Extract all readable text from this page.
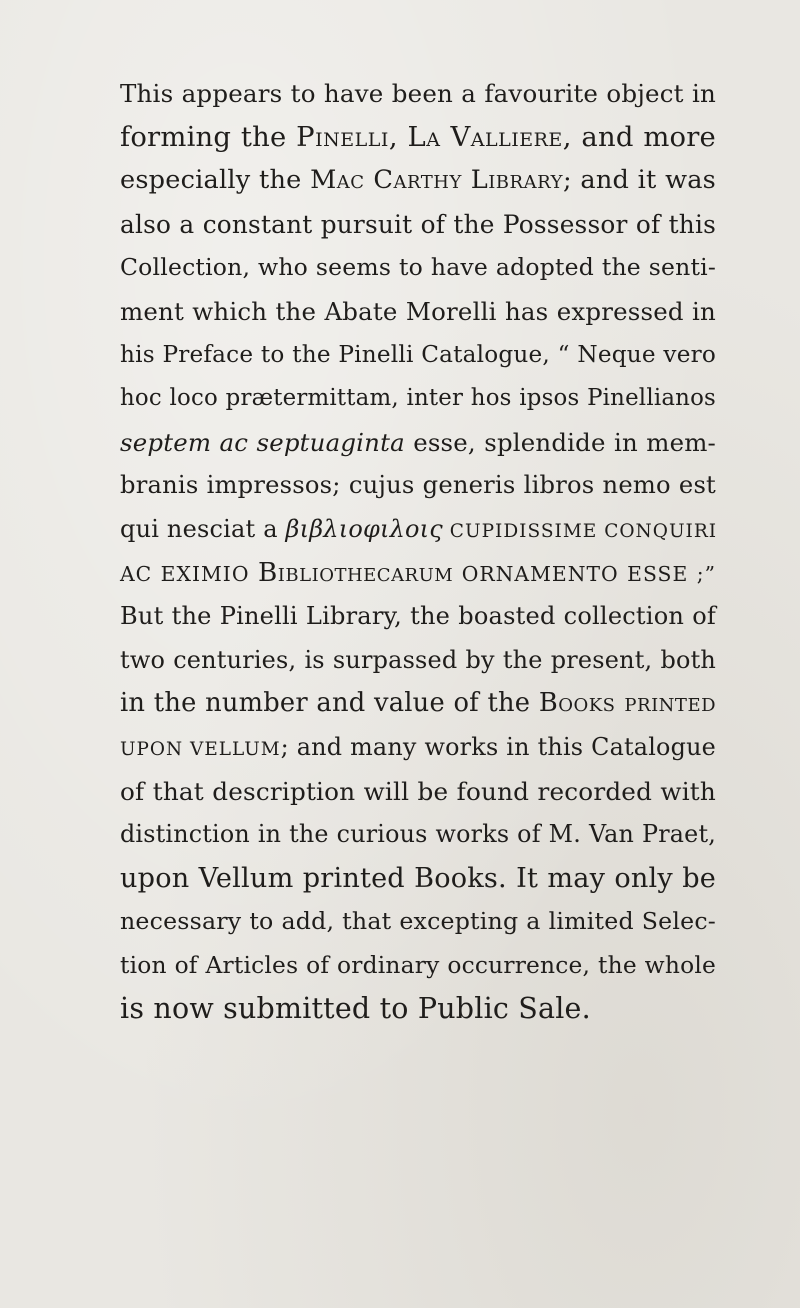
This appears to have been a favourite object in
forming the Pinelli, La Valliere, and more
especially the Mac Carthy Library; and it was
also a constant pursuit of the Possessor of this
Collection, who seems to have adopted the senti-
ment which the Abate Morelli has expressed in
his Preface to the Pinelli Catalogue, “ Neque vero
hoc loco prætermittam, inter hos ipsos Pinellianos
septem ac septuaginta esse, splendide in mem-
branis impressos; cujus generis libros nemo est
qui nesciat a βιβλιοφιλοις CUPIDISSIME CONQUIRI
AC EXIMIO Bibliothecarum ORNAMENTO ESSE ;”
But the Pinelli Library, the boasted collection of
two centuries, is surpassed by the present, both
in the number and value of the Books printed
UPON VELLUM; and many works in this Catalogue
of that description will be found recorded with
distinction in the curious works of M. Van Praet,
upon Vellum printed Books. It may only be
necessary to add, that excepting a limited Selec-
tion of Articles of ordinary occurrence, the whole
is now submitted to Public Sale.
